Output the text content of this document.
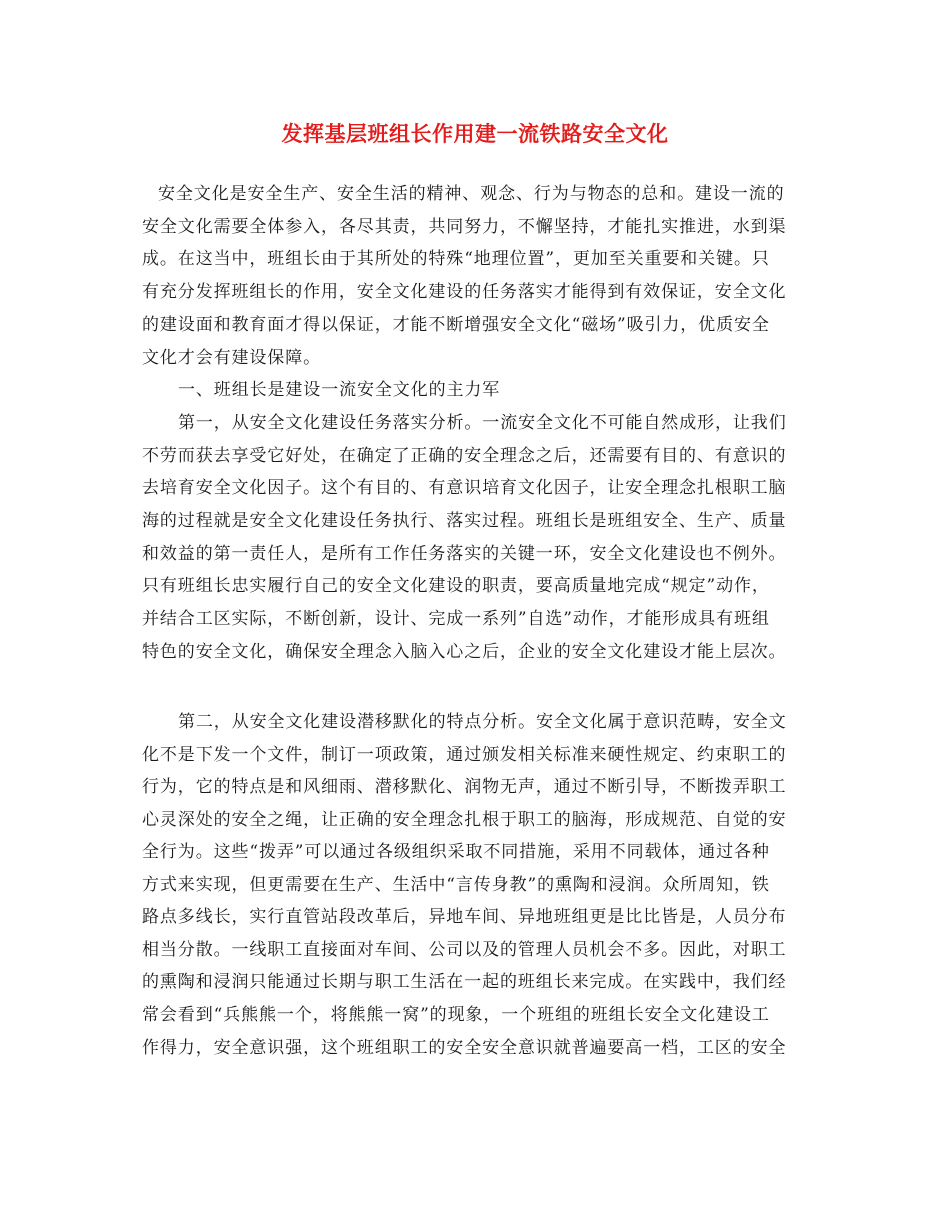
发挥基层班组长作用建一流铁路安全文化
安全文化是安全生产、安全生活的精神、观念、行为与物态的总和。建设一流的
安全文化需要全体参入，各尽其责，共同努力，不懈坚持，才能扎实推进，水到渠
成。在这当中，班组长由于其所处的特殊“地理位置”，更加至关重要和关键。只
有充分发挥班组长的作用，安全文化建设的任务落实才能得到有效保证，安全文化
的建设面和教育面才得以保证，才能不断增强安全文化“磁场”吸引力，优质安全
文化才会有建设保障。
一、班组长是建设一流安全文化的主力军
第一，从安全文化建设任务落实分析。一流安全文化不可能自然成形，让我们
不劳而获去享受它好处，在确定了正确的安全理念之后，还需要有目的、有意识的
去培育安全文化因子。这个有目的、有意识培育文化因子，让安全理念扎根职工脑
海的过程就是安全文化建设任务执行、落实过程。班组长是班组安全、生产、质量
和效益的第一责任人，是所有工作任务落实的关键一环，安全文化建设也不例外。
只有班组长忠实履行自己的安全文化建设的职责，要高质量地完成“规定”动作，
并结合工区实际，不断创新，设计、完成一系列”自选”动作，才能形成具有班组
特色的安全文化，确保安全理念入脑入心之后，企业的安全文化建设才能上层次。
第二，从安全文化建设潜移默化的特点分析。安全文化属于意识范畴，安全文
化不是下发一个文件，制订一项政策，通过颁发相关标准来硬性规定、约束职工的
行为，它的特点是和风细雨、潜移默化、润物无声，通过不断引导，不断拨弄职工
心灵深处的安全之绳，让正确的安全理念扎根于职工的脑海，形成规范、自觉的安
全行为。这些“拨弄”可以通过各级组织采取不同措施，采用不同载体，通过各种
方式来实现，但更需要在生产、生活中“言传身教”的熏陶和浸润。众所周知，铁
路点多线长，实行直管站段改革后，异地车间、异地班组更是比比皆是，人员分布
相当分散。一线职工直接面对车间、公司以及的管理人员机会不多。因此，对职工
的熏陶和浸润只能通过长期与职工生活在一起的班组长来完成。在实践中，我们经
常会看到“兵熊熊一个，将熊熊一窝”的现象，一个班组的班组长安全文化建设工
作得力，安全意识强，这个班组职工的安全安全意识就普遍要高一档，工区的安全
